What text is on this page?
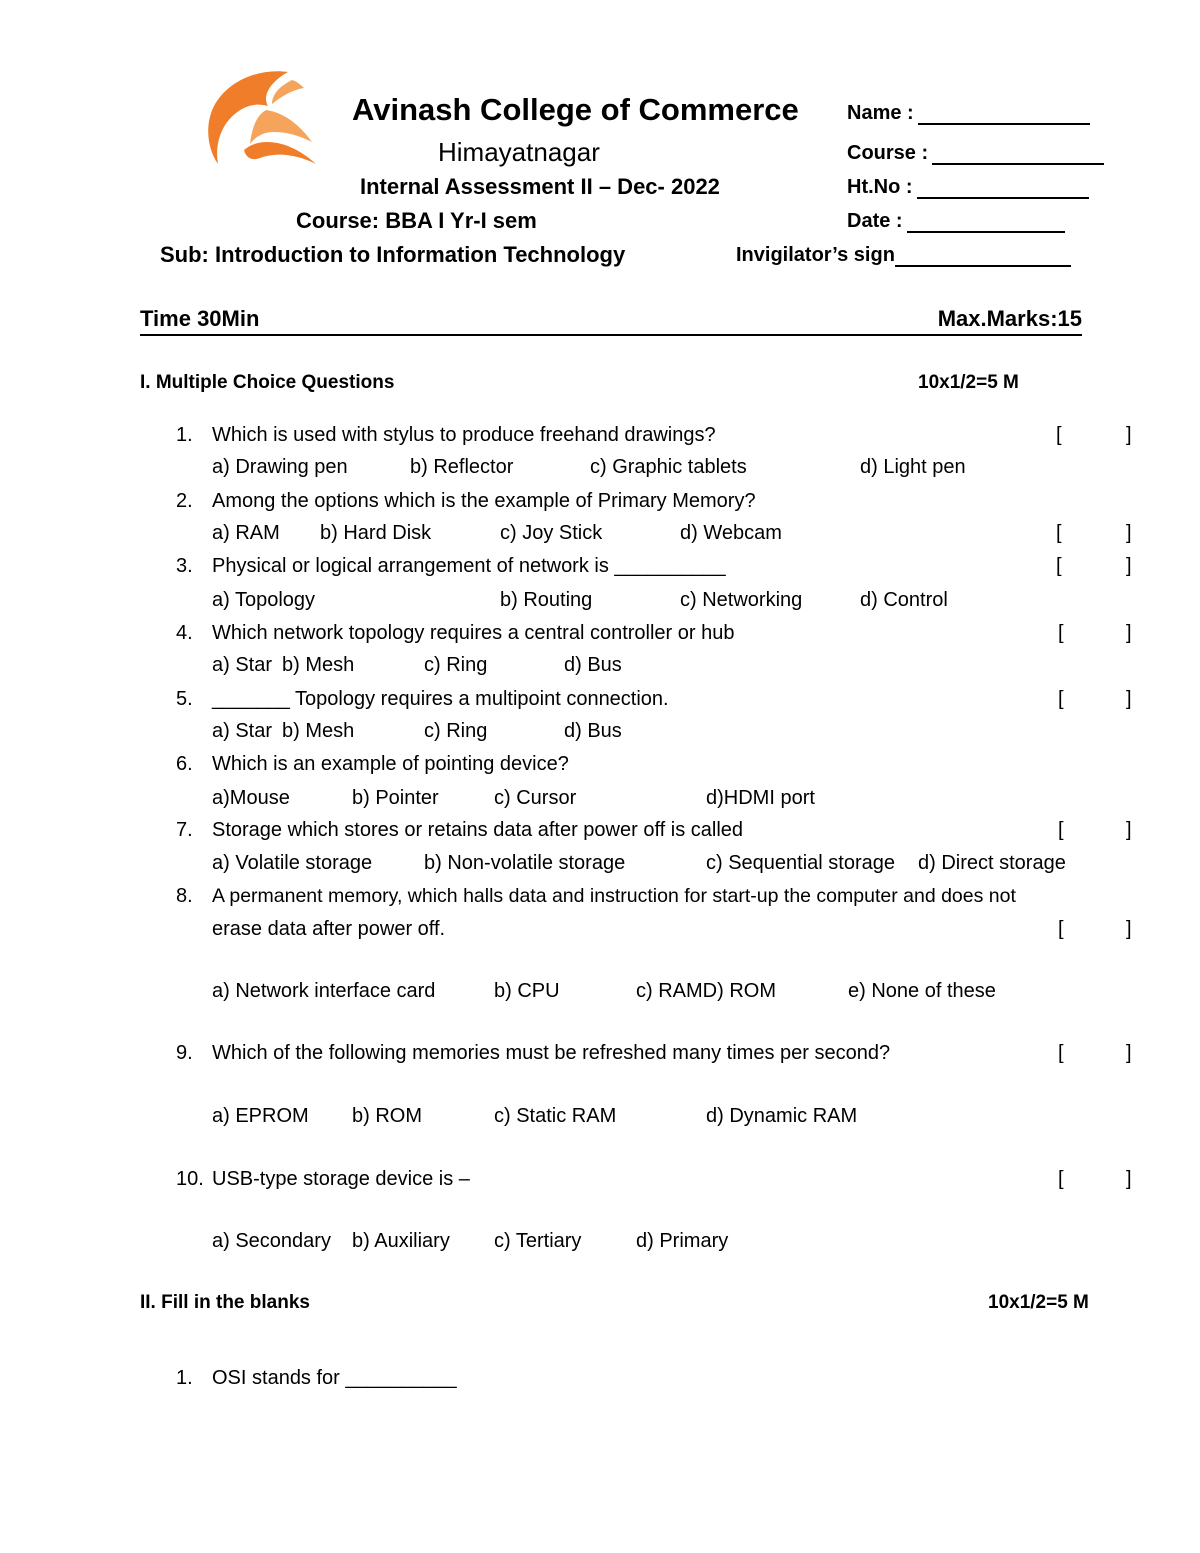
Avinash College of Commerce
Himayatnagar
Internal Assessment II – Dec- 2022
Course: BBA I Yr-I sem
Sub: Introduction to Information Technology
Name :
Course :
Ht.No :
Date :
Invigilator’s sign
Time 30Min	Max.Marks:15
I. Multiple Choice Questions	10x1/2=5 M
1. Which is used with stylus to produce freehand drawings?	[	]
a) Drawing pen	b) Reflector	c) Graphic tablets	d) Light pen
2. Among the options which is the example of Primary Memory?
a) RAM b) Hard Disk	c) Joy Stick	d) Webcam	[	]
3. Physical or logical arrangement of network is __________	[	]
a) Topology	b) Routing	c) Networking	d) Control
4. Which network topology requires a central controller or hub	[	]
a) Star b) Mesh	c) Ring	d) Bus
5. _______ Topology requires a multipoint connection.	[	]
a) Star b) Mesh	c) Ring	d) Bus
6. Which is an example of pointing device?
a)Mouse	b) Pointer	c) Cursor	d)HDMI port
7. Storage which stores or retains data after power off is called	[	]
a) Volatile storage	b) Non-volatile storage	c) Sequential storage d) Direct storage
8. A permanent memory, which halls data and instruction for start-up the computer and does not
erase data after power off.	[	]
a) Network interface card	b) CPU	c) RAMD) ROM	e) None of these
9. Which of the following memories must be refreshed many times per second?	[	]
a) EPROM b) ROM	c) Static RAM	d) Dynamic RAM
10. USB-type storage device is –	[	]
a) Secondary b) Auxiliary c) Tertiary	d) Primary
II. Fill in the blanks	10x1/2=5 M
1. OSI stands for __________
